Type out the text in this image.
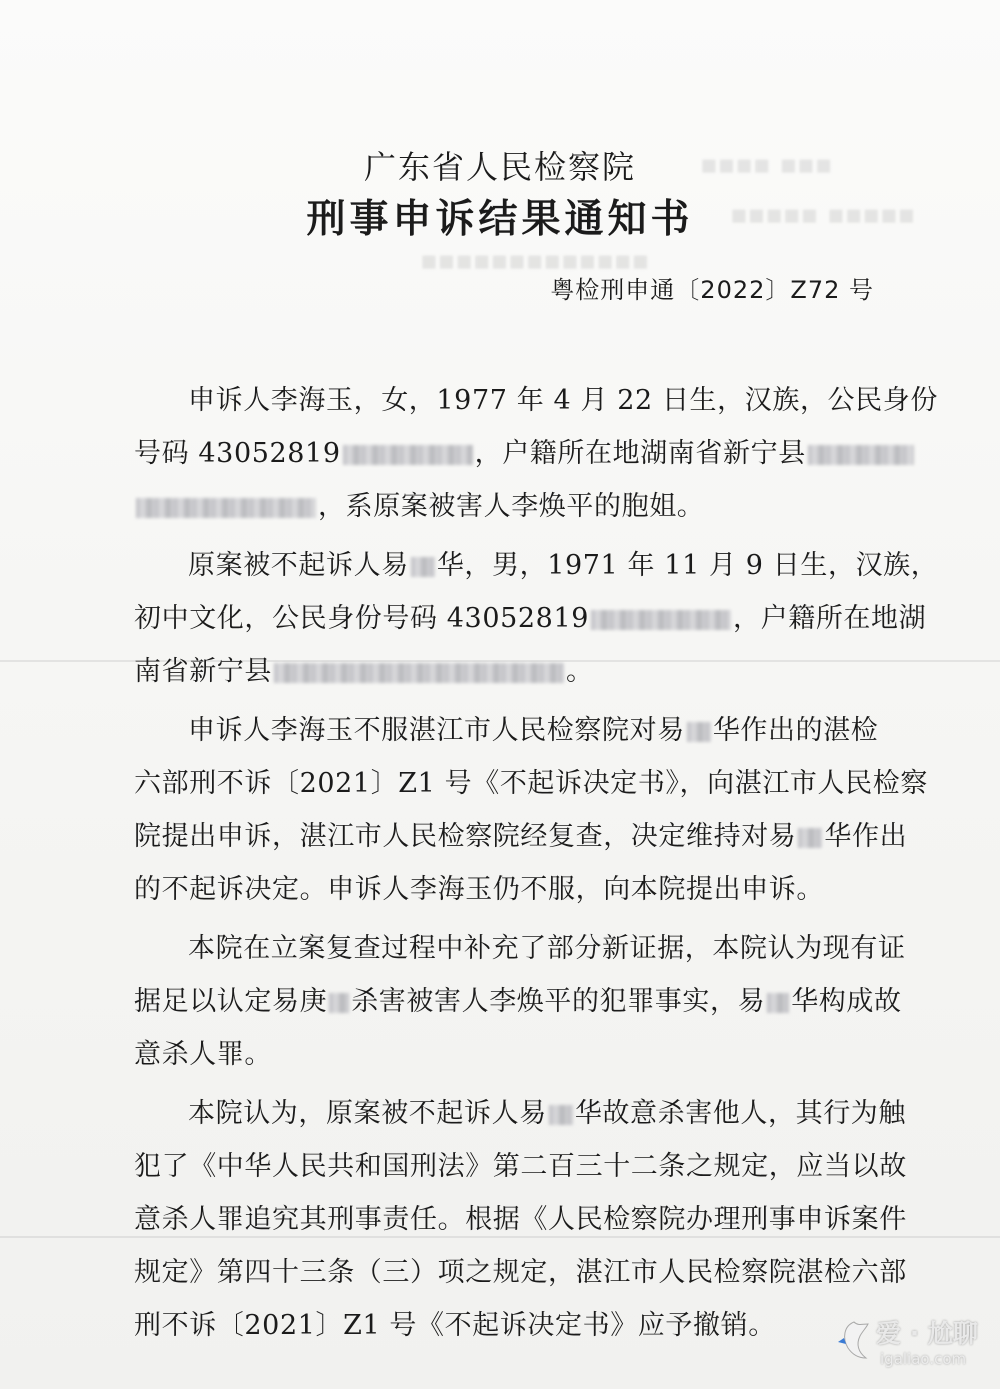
▪▪▪▪ ▪▪▪
▪▪▪▪▪ ▪▪▪▪▪
▪▪▪▪▪▪▪▪▪▪▪▪▪
广东省人民检察院
刑事申诉结果通知书
粤检刑申通〔2022〕Z72 号
申诉人李海玉，女，1977 年 4 月 22 日生，汉族，公民身份
号码 43052819	，户籍所在地湖南省新宁县
，系原案被害人李焕平的胞姐。
原案被不起诉人易 华，男，1971 年 11 月 9 日生，汉族，
初中文化，公民身份号码 43052819	，户籍所在地湖
南省新宁县	。
申诉人李海玉不服湛江市人民检察院对易 华作出的湛检
六部刑不诉〔2021〕Z1 号《不起诉决定书》，向湛江市人民检察
院提出申诉，湛江市人民检察院经复查，决定维持对易 华作出
的不起诉决定。申诉人李海玉仍不服，向本院提出申诉。
本院在立案复查过程中补充了部分新证据，本院认为现有证
据足以认定易庚 杀害被害人李焕平的犯罪事实，易 华构成故
意杀人罪。
本院认为，原案被不起诉人易 华故意杀害他人，其行为触
犯了《中华人民共和国刑法》第二百三十二条之规定，应当以故
意杀人罪追究其刑事责任。根据《人民检察院办理刑事申诉案件
规定》第四十三条（三）项之规定，湛江市人民检察院湛检六部
刑不诉〔2021〕Z1 号《不起诉决定书》应予撤销。	爱 · 尬聊
igaliao.com
